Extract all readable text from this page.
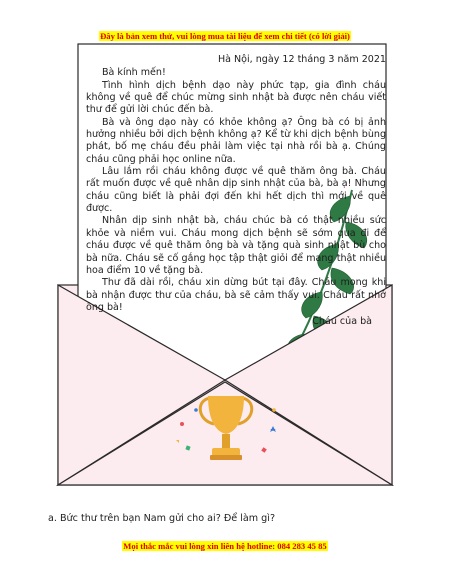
Đây là bản xem thử, vui lòng mua tài liệu để xem chi tiết (có lời giải)

Hà Nội, ngày 12 tháng 3 năm 2021

Bà kính mến!

Tình hình dịch bệnh dạo này phức tạp, gia đình cháu không về quê để chúc mừng sinh nhật bà được nên cháu viết thư để gửi lời chúc đến bà.

Bà và ông dạo này có khỏe không ạ? Ông bà có bị ảnh hưởng nhiều bởi dịch bệnh không ạ? Kể từ khi dịch bệnh bùng phát, bố mẹ cháu đều phải làm việc tại nhà rồi bà ạ. Chúng cháu cũng phải học online nữa.

Lâu lắm rồi cháu không được về quê thăm ông bà. Cháu rất muốn được về quê nhân dịp sinh nhật của bà, bà ạ! Nhưng cháu cũng biết là phải đợi đến khi hết dịch thì mới về quê được.

Nhân dịp sinh nhật bà, cháu chúc bà có thật nhiều sức khỏe và niềm vui. Cháu mong dịch bệnh sẽ sớm qua đi để cháu được về quê thăm ông bà và tặng quà sinh nhật bù cho bà nữa. Cháu sẽ cố gắng học tập thật giỏi để mang thật nhiều hoa điểm 10 về tặng bà.

Thư đã dài rồi, cháu xin dừng bút tại đây. Cháu mong khi bà nhận được thư của cháu, bà sẽ cảm thấy vui. Cháu rất nhớ ông bà!

Cháu của bà

a. Bức thư trên bạn Nam gửi cho ai? Để làm gì?
Mọi thắc mắc vui lòng xin liên hệ hotline: 084 283 45 85
